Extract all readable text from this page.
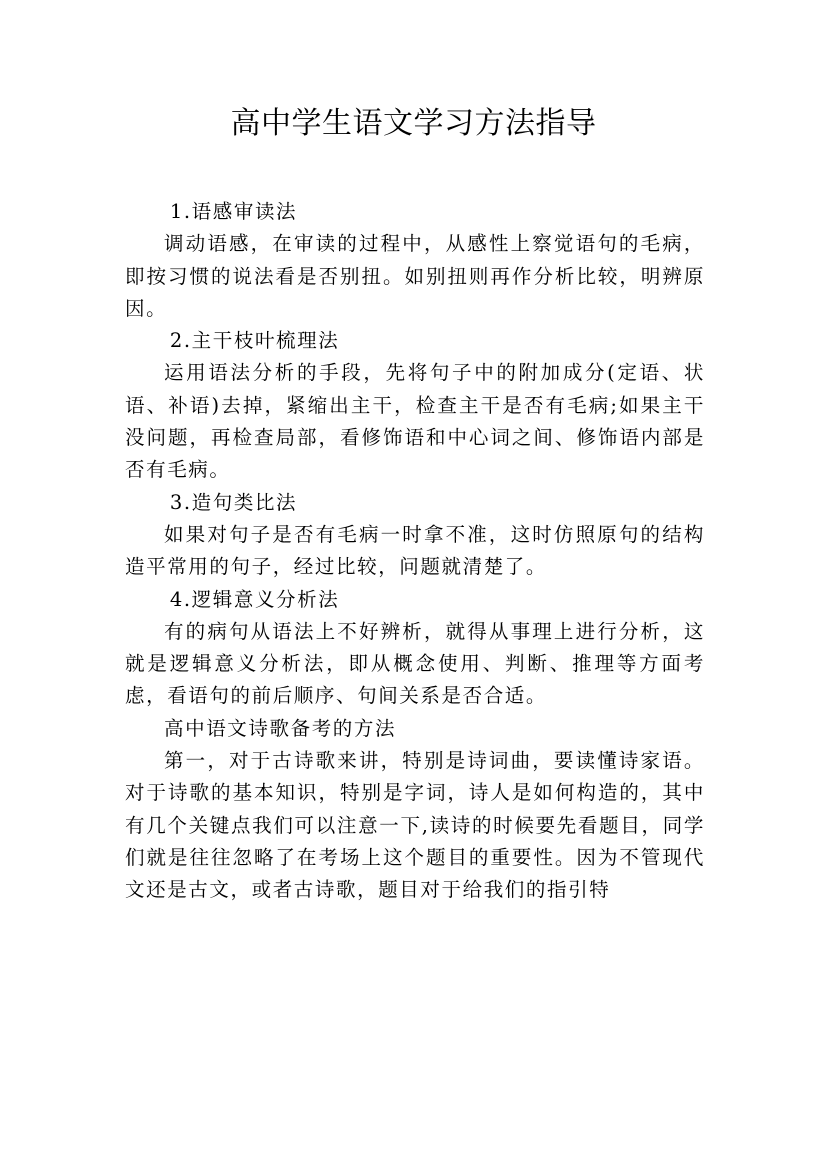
高中学生语文学习方法指导

1.语感审读法

调动语感，在审读的过程中，从感性上察觉语句的毛病，即按习惯的说法看是否别扭。如别扭则再作分析比较，明辨原因。

2.主干枝叶梳理法

运用语法分析的手段，先将句子中的附加成分(定语、状语、补语)去掉，紧缩出主干，检查主干是否有毛病;如果主干没问题，再检查局部，看修饰语和中心词之间、修饰语内部是否有毛病。

3.造句类比法

如果对句子是否有毛病一时拿不准，这时仿照原句的结构造平常用的句子，经过比较，问题就清楚了。

4.逻辑意义分析法

有的病句从语法上不好辨析，就得从事理上进行分析，这就是逻辑意义分析法，即从概念使用、判断、推理等方面考虑，看语句的前后顺序、句间关系是否合适。

高中语文诗歌备考的方法

第一，对于古诗歌来讲，特别是诗词曲，要读懂诗家语。对于诗歌的基本知识，特别是字词，诗人是如何构造的，其中有几个关键点我们可以注意一下,读诗的时候要先看题目，同学们就是往往忽略了在考场上这个题目的重要性。因为不管现代文还是古文，或者古诗歌，题目对于给我们的指引特
